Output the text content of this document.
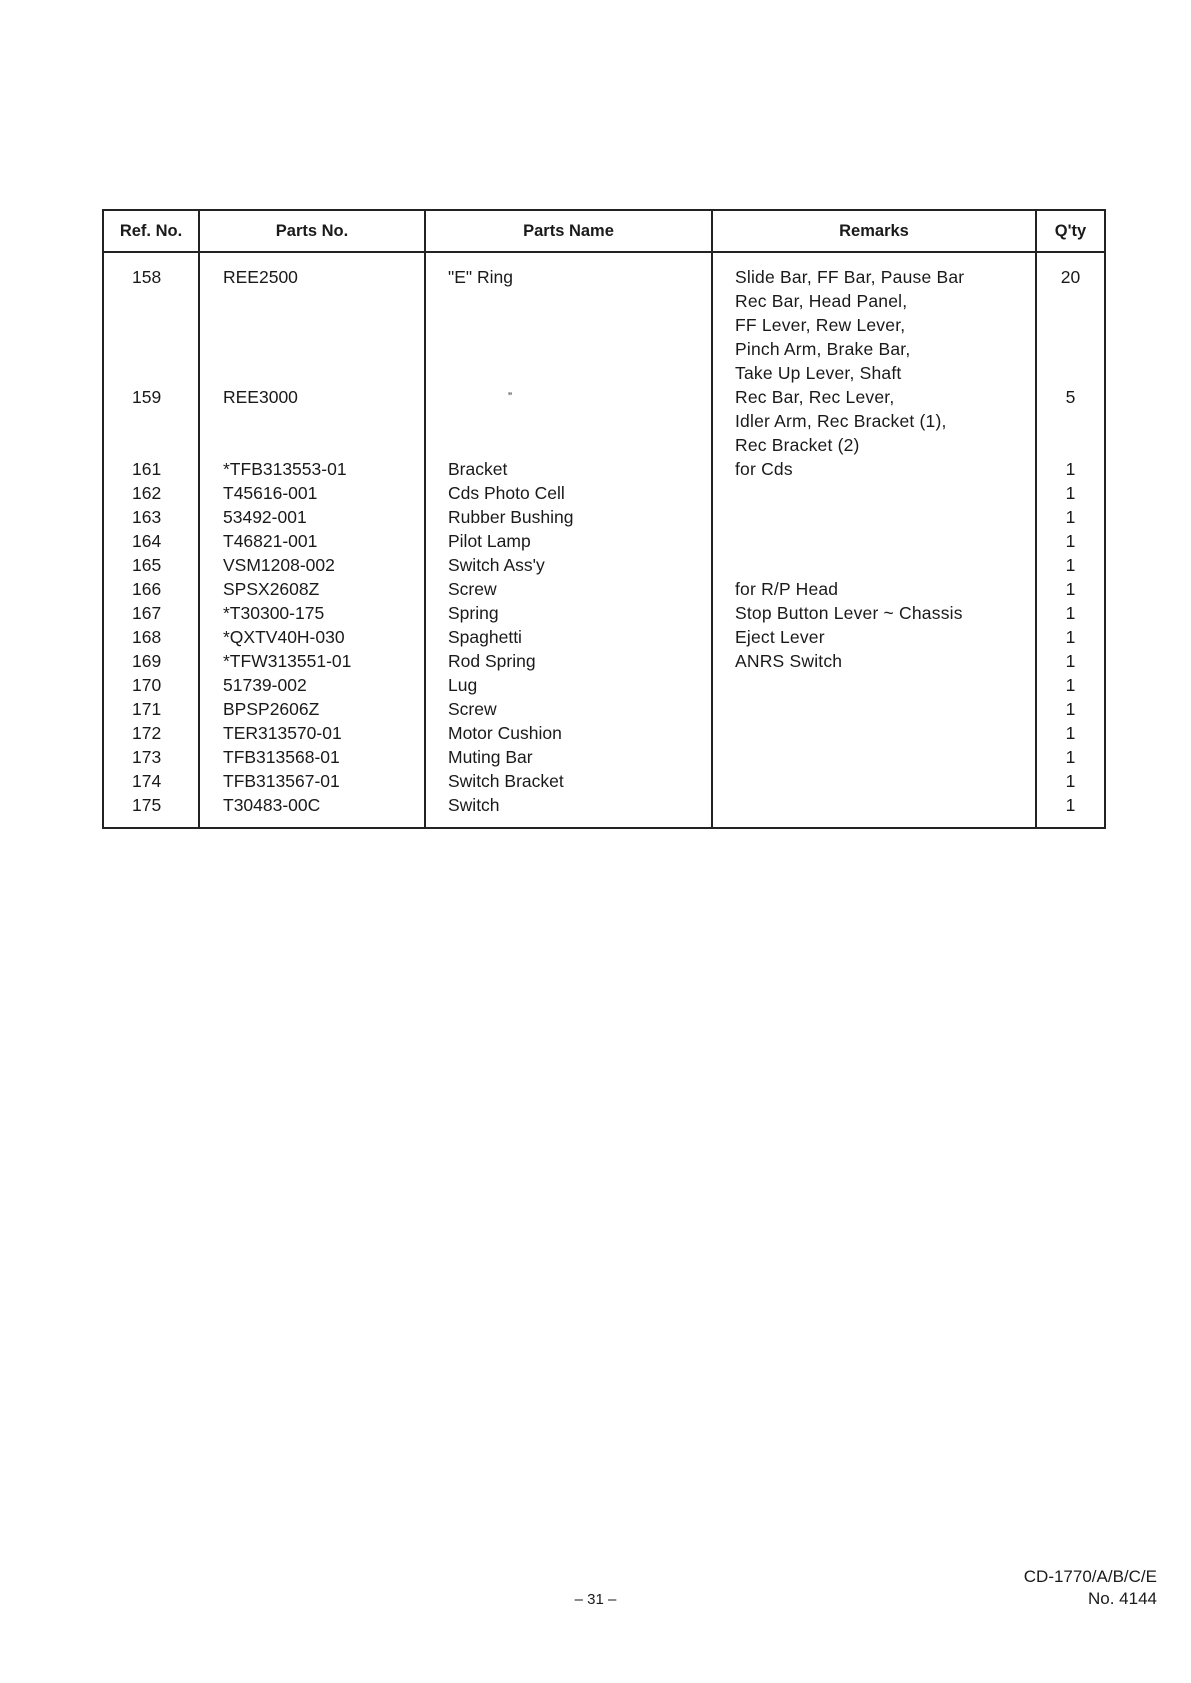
Ref. No.	Parts No.	Parts Name	Remarks	Q'ty

158	REE2500	"E" Ring	Slide Bar, FF Bar, Pause Bar
Rec Bar, Head Panel,
FF Lever, Rew Lever,
Pinch Arm, Brake Bar,
Take Up Lever, Shaft	20

159	REE3000	”	Rec Bar, Rec Lever,
Idler Arm, Rec Bracket (1),
Rec Bracket (2)	5

161	*TFB313553-01	Bracket	for Cds	1

162	T45616-001	Cds Photo Cell		1

163	53492-001	Rubber Bushing		1

164	T46821-001	Pilot Lamp		1

165	VSM1208-002	Switch Ass'y		1

166	SPSX2608Z	Screw	for R/P Head	1

167	*T30300-175	Spring	Stop Button Lever ~ Chassis	1

168	*QXTV40H-030	Spaghetti	Eject Lever	1

169	*TFW313551-01	Rod Spring	ANRS Switch	1

170	51739-002	Lug		1

171	BPSP2606Z	Screw		1

172	TER313570-01	Motor Cushion		1

173	TFB313568-01	Muting Bar		1

174	TFB313567-01	Switch Bracket		1

175	T30483-00C	Switch		1
– 31 –
CD-1770/A/B/C/E
No. 4144
